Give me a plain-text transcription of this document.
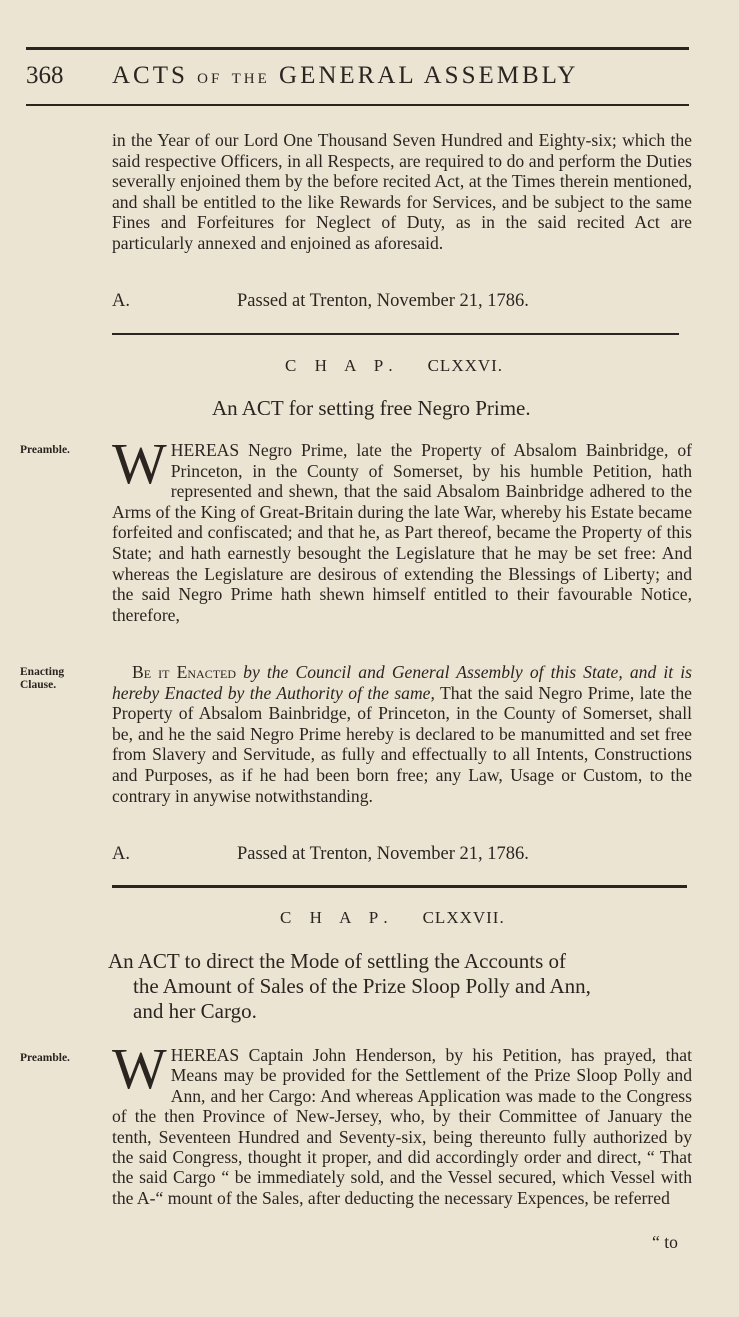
368 ACTS OF THE GENERAL ASSEMBLY
in the Year of our Lord One Thousand Seven Hundred and Eighty-six; which the said respective Officers, in all Respects, are required to do and perform the Duties severally enjoined them by the before recited Act, at the Times therein mentioned, and shall be entitled to the like Rewards for Services, and be subject to the same Fines and Forfeitures for Neglect of Duty, as in the said recited Act are particularly annexed and enjoined as aforesaid.
A.	Passed at Trenton, November 21, 1786.
C H A P. CLXXVI.
An ACT for setting free Negro Prime.
Preamble. WHEREAS Negro Prime, late the Property of Absalom Bainbridge, of Princeton, in the County of Somerset, by his humble Petition, hath represented and shewn, that the said Absalom Bainbridge adhered to the Arms of the King of Great-Britain during the late War, whereby his Estate became forfeited and confiscated; and that he, as Part thereof, became the Property of this State; and hath earnestly besought the Legislature that he may be set free: And whereas the Legislature are desirous of extending the Blessings of Liberty; and the said Negro Prime hath shewn himself entitled to their favourable Notice, therefore,
Enacting
Clause.
Be it Enacted by the Council and General Assembly of this State, and it is hereby Enacted by the Authority of the same, That the said Negro Prime, late the Property of Absalom Bainbridge, of Princeton, in the County of Somerset, shall be, and he the said Negro Prime hereby is declared to be manumitted and set free from Slavery and Servitude, as fully and effectually to all Intents, Constructions and Purposes, as if he had been born free; any Law, Usage or Custom, to the contrary in anywise notwithstanding.
A.	Passed at Trenton, November 21, 1786.
C H A P. CLXXVII.
An ACT to direct the Mode of settling the Accounts of
the Amount of Sales of the Prize Sloop Polly and Ann,
and her Cargo.
Preamble. WHEREAS Captain John Henderson, by his Petition, has prayed, that Means may be provided for the Settlement of the Prize Sloop Polly and Ann, and her Cargo: And whereas Application was made to the Congress of the then Province of New-Jersey, who, by their Committee of January the tenth, Seventeen Hundred and Seventy-six, being thereunto fully authorized by the said Congress, thought it proper, and did accordingly order and direct, “ That the said Cargo “ be immediately sold, and the Vessel secured, which Vessel with the A-“ mount of the Sales, after deducting the necessary Expences, be referred
“ to
